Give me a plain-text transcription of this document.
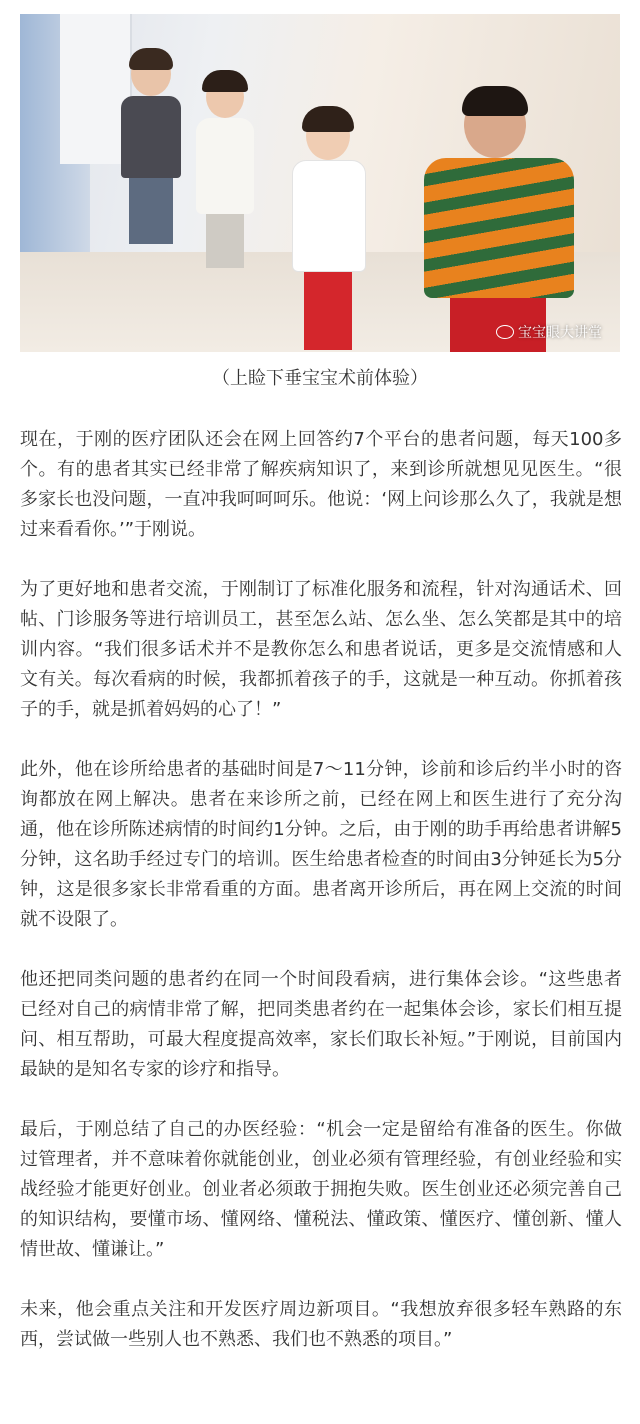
宝宝眼大讲堂
（上睑下垂宝宝术前体验）

现在，于刚的医疗团队还会在网上回答约7个平台的患者问题，每天100多个。有的患者其实已经非常了解疾病知识了，来到诊所就想见见医生。“很多家长也没问题，一直冲我呵呵呵乐。他说：‘网上问诊那么久了，我就是想过来看看你。’”于刚说。

为了更好地和患者交流，于刚制订了标准化服务和流程，针对沟通话术、回帖、门诊服务等进行培训员工，甚至怎么站、怎么坐、怎么笑都是其中的培训内容。“我们很多话术并不是教你怎么和患者说话，更多是交流情感和人文有关。每次看病的时候，我都抓着孩子的手，这就是一种互动。你抓着孩子的手，就是抓着妈妈的心了！”

此外，他在诊所给患者的基础时间是7～11分钟，诊前和诊后约半小时的咨询都放在网上解决。患者在来诊所之前，已经在网上和医生进行了充分沟通，他在诊所陈述病情的时间约1分钟。之后，由于刚的助手再给患者讲解5分钟，这名助手经过专门的培训。医生给患者检查的时间由3分钟延长为5分钟，这是很多家长非常看重的方面。患者离开诊所后，再在网上交流的时间就不设限了。

他还把同类问题的患者约在同一个时间段看病，进行集体会诊。“这些患者已经对自己的病情非常了解，把同类患者约在一起集体会诊，家长们相互提问、相互帮助，可最大程度提高效率，家长们取长补短。”于刚说，目前国内最缺的是知名专家的诊疗和指导。

最后，于刚总结了自己的办医经验：“机会一定是留给有准备的医生。你做过管理者，并不意味着你就能创业，创业必须有管理经验，有创业经验和实战经验才能更好创业。创业者必须敢于拥抱失败。医生创业还必须完善自己的知识结构，要懂市场、懂网络、懂税法、懂政策、懂医疗、懂创新、懂人情世故、懂谦让。”

未来，他会重点关注和开发医疗周边新项目。“我想放弃很多轻车熟路的东西，尝试做一些别人也不熟悉、我们也不熟悉的项目。”
